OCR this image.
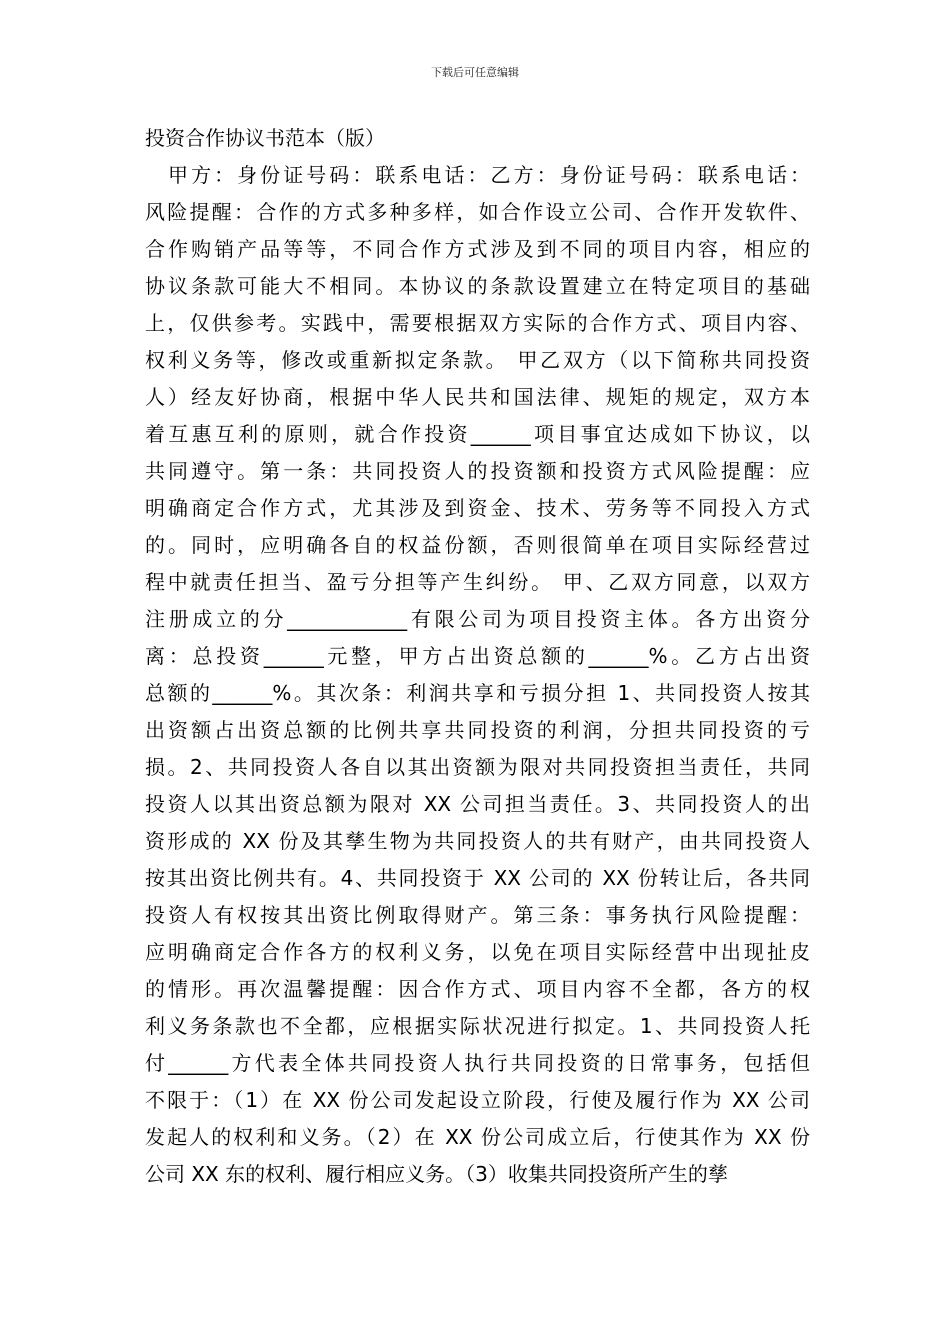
下载后可任意编辑
投资合作协议书范本（版）
　甲方：身份证号码：联系电话：乙方：身份证号码：联系电话：
风险提醒：合作的方式多种多样，如合作设立公司、合作开发软件、
合作购销产品等等，不同合作方式涉及到不同的项目内容，相应的
协议条款可能大不相同。本协议的条款设置建立在特定项目的基础
上，仅供参考。实践中，需要根据双方实际的合作方式、项目内容、
权利义务等，修改或重新拟定条款。 甲乙双方（以下简称共同投资
人）经友好协商，根据中华人民共和国法律、规矩的规定，双方本
着互惠互利的原则，就合作投资______项目事宜达成如下协议，以
共同遵守。第一条：共同投资人的投资额和投资方式风险提醒：应
明确商定合作方式，尤其涉及到资金、技术、劳务等不同投入方式
的。同时，应明确各自的权益份额，否则很简单在项目实际经营过
程中就责任担当、盈亏分担等产生纠纷。 甲、乙双方同意，以双方
注册成立的分____________有限公司为项目投资主体。各方出资分
离：总投资______元整，甲方占出资总额的______%。乙方占出资
总额的______%。其次条：利润共享和亏损分担 1、共同投资人按其
出资额占出资总额的比例共享共同投资的利润，分担共同投资的亏
损。2、共同投资人各自以其出资额为限对共同投资担当责任，共同
投资人以其出资总额为限对 XX 公司担当责任。3、共同投资人的出
资形成的 XX 份及其孳生物为共同投资人的共有财产，由共同投资人
按其出资比例共有。4、共同投资于 XX 公司的 XX 份转让后，各共同
投资人有权按其出资比例取得财产。第三条：事务执行风险提醒：
应明确商定合作各方的权利义务，以免在项目实际经营中出现扯皮
的情形。再次温馨提醒：因合作方式、项目内容不全都，各方的权
利义务条款也不全都，应根据实际状况进行拟定。1、共同投资人托
付______方代表全体共同投资人执行共同投资的日常事务，包括但
不限于：（1）在 XX 份公司发起设立阶段，行使及履行作为 XX 公司
发起人的权利和义务。（2）在 XX 份公司成立后，行使其作为 XX 份
公司 XX 东的权利、履行相应义务。（3）收集共同投资所产生的孳
